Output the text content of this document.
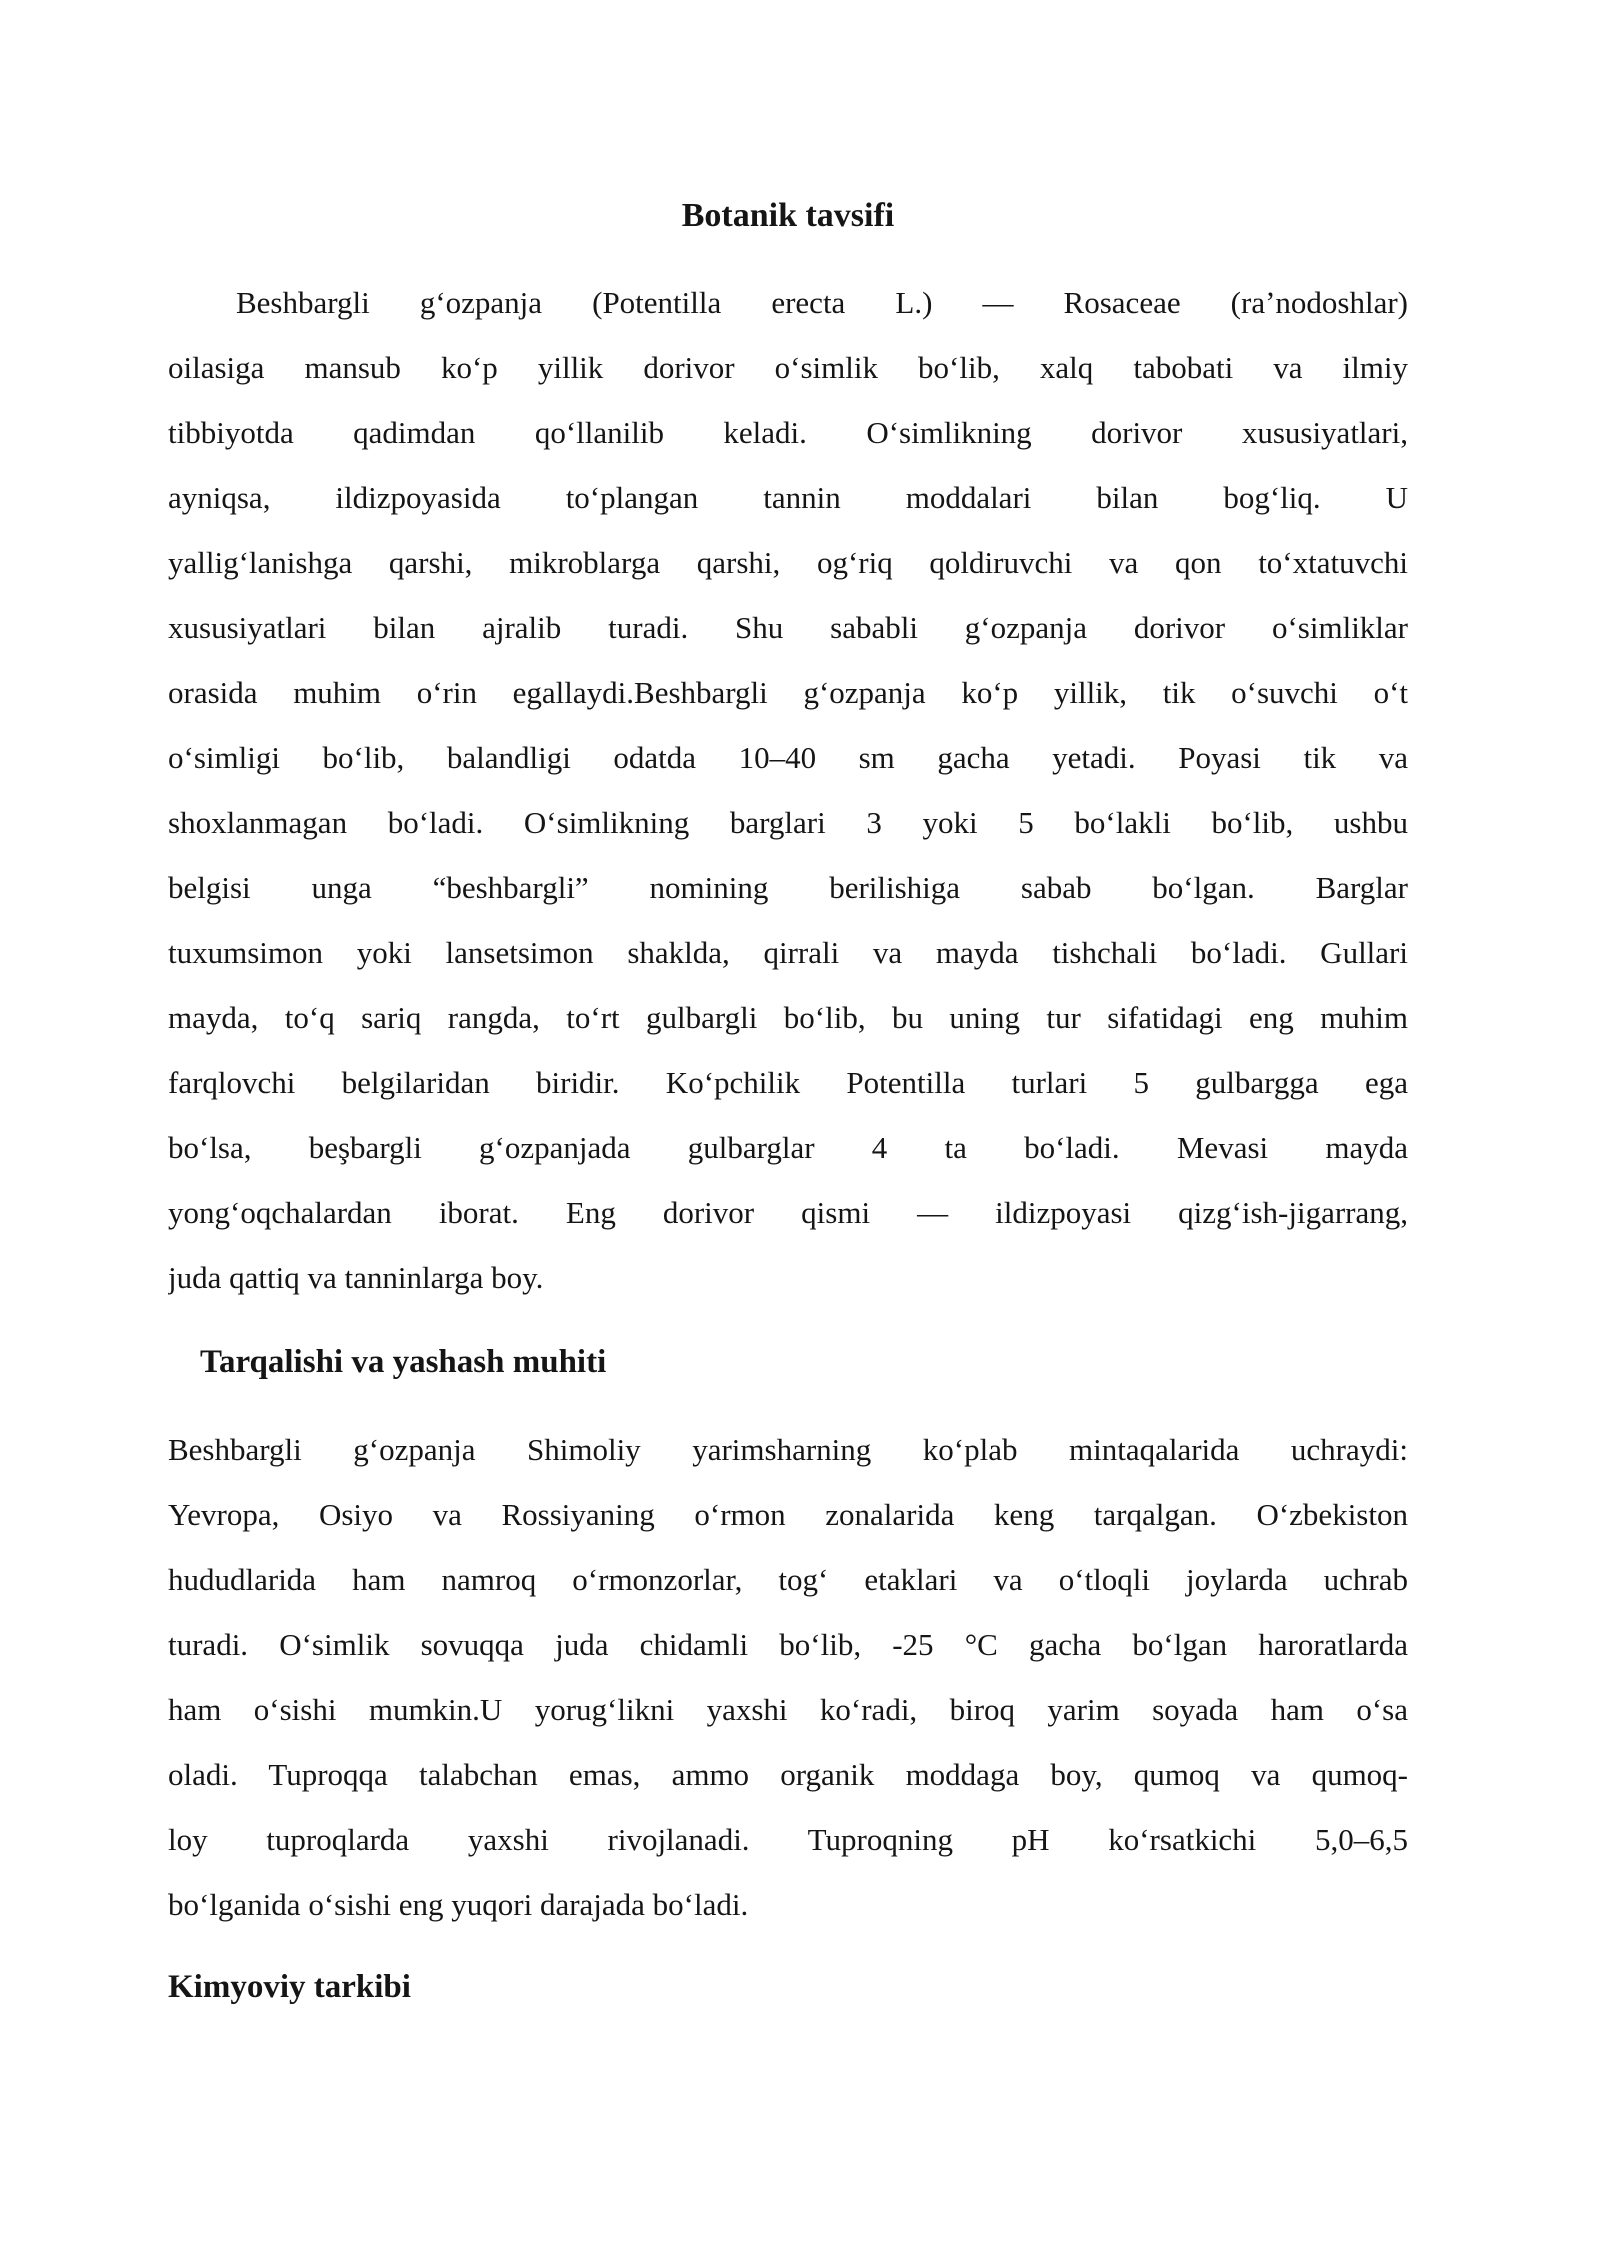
Botanik tavsifi
Beshbargli gʻozpanja (Potentilla erecta L.) — Rosaceae (raʼnodoshlar)
oilasiga mansub koʻp yillik dorivor oʻsimlik boʻlib, xalq tabobati va ilmiy
tibbiyotda qadimdan qoʻllanilib keladi. Oʻsimlikning dorivor xususiyatlari,
ayniqsa, ildizpoyasida toʻplangan tannin moddalari bilan bogʻliq. U
yalligʻlanishga qarshi, mikroblarga qarshi, ogʻriq qoldiruvchi va qon toʻxtatuvchi
xususiyatlari bilan ajralib turadi. Shu sababli gʻozpanja dorivor oʻsimliklar
orasida muhim oʻrin egallaydi.Beshbargli gʻozpanja koʻp yillik, tik oʻsuvchi oʻt
oʻsimligi boʻlib, balandligi odatda 10–40 sm gacha yetadi. Poyasi tik va
shoxlanmagan boʻladi. Oʻsimlikning barglari 3 yoki 5 boʻlakli boʻlib, ushbu
belgisi unga “beshbargli” nomining berilishiga sabab boʻlgan. Barglar
tuxumsimon yoki lansetsimon shaklda, qirrali va mayda tishchali boʻladi. Gullari
mayda, toʻq sariq rangda, toʻrt gulbargli boʻlib, bu uning tur sifatidagi eng muhim
farqlovchi belgilaridan biridir. Koʻpchilik Potentilla turlari 5 gulbargga ega
boʻlsa, beşbargli gʻozpanjada gulbarglar 4 ta boʻladi. Mevasi mayda
yongʻoqchalardan iborat. Eng dorivor qismi — ildizpoyasi qizgʻish-jigarrang,
juda qattiq va tanninlarga boy.
Tarqalishi va yashash muhiti
Beshbargli gʻozpanja Shimoliy yarimsharning koʻplab mintaqalarida uchraydi:
Yevropa, Osiyo va Rossiyaning oʻrmon zonalarida keng tarqalgan. Oʻzbekiston
hududlarida ham namroq oʻrmonzorlar, togʻ etaklari va oʻtloqli joylarda uchrab
turadi. Oʻsimlik sovuqqa juda chidamli boʻlib, -25 °C gacha boʻlgan haroratlarda
ham oʻsishi mumkin.U yorugʻlikni yaxshi koʻradi, biroq yarim soyada ham oʻsa
oladi. Tuproqqa talabchan emas, ammo organik moddaga boy, qumoq va qumoq-
loy tuproqlarda yaxshi rivojlanadi. Tuproqning pH koʻrsatkichi 5,0–6,5
boʻlganida oʻsishi eng yuqori darajada boʻladi.
Kimyoviy tarkibi
